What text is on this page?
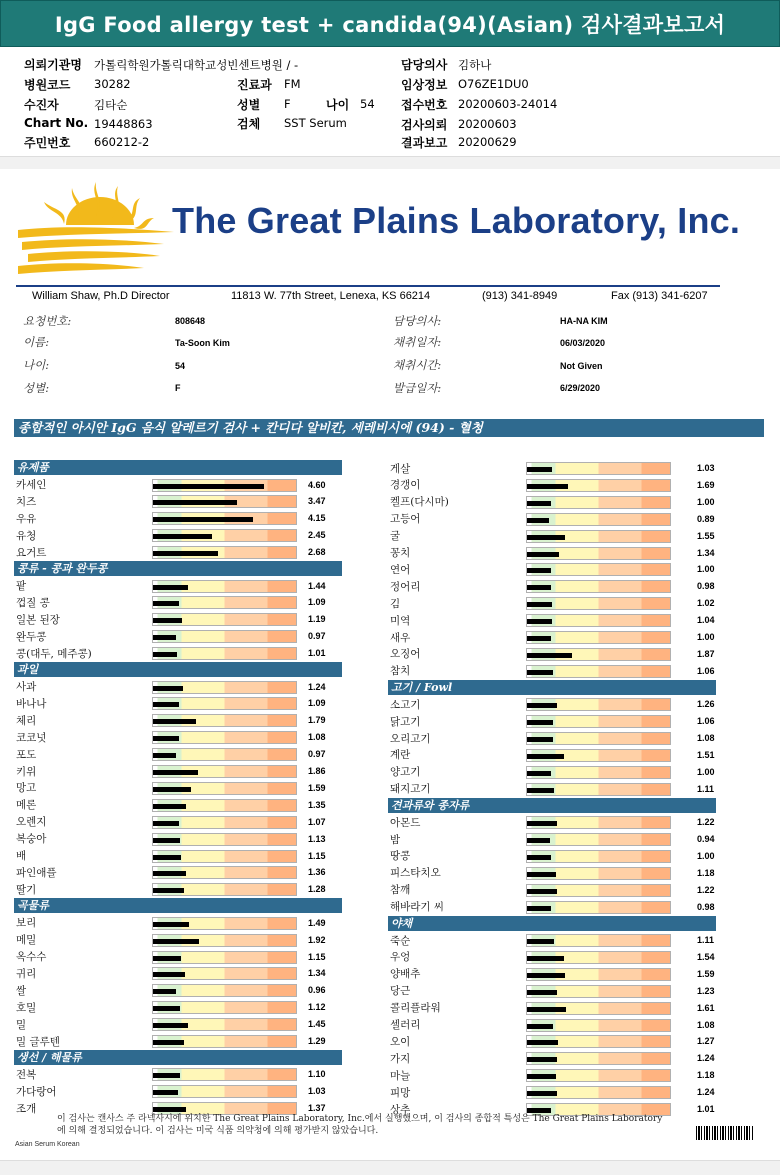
IgG Food allergy test + candida(94)(Asian) 검사결과보고서
의뢰기관명 가톨릭학원가톨릭대학교성빈센트병원 / -
병원코드 30282
수진자	김타순
Chart No. 19448863
주민번호 660212-2
진료과 FM
성별 F	나이 54
검체 SST Serum
담당의사 김하나
임상정보 O76ZE1DU0
접수번호 20200603-24014
검사의뢰 20200603
결과보고 20200629
The Great Plains Laboratory, Inc.
William Shaw, Ph.D Director	11813 W. 77th Street, Lenexa, KS 66214	(913) 341-8949	Fax (913) 341-6207
요청번호:	808648
이름:	Ta-Soon Kim
나이:	54
성별:	F
담당의사:	HA-NA KIM
채취일자:	06/03/2020
채취시간:	Not Given
발급일자:	6/29/2020
종합적인 아시안 IgG 음식 알레르기 검사 + 칸디다 알비칸, 세레비시에 (94) - 혈청
유제품
카세인	4.60
치즈	3.47
우유	4.15
유청	2.45
요거트	2.68
콩류 - 콩과 완두콩
팥	1.44
껍질 콩	1.09
일본 된장	1.19
완두콩	0.97
콩(대두, 메주콩)	1.01
과일
사과	1.24
바나나	1.09
체리	1.79
코코넛	1.08
포도	0.97
키위	1.86
망고	1.59
메론	1.35
오렌지	1.07
복숭아	1.13
배	1.15
파인애플	1.36
딸기	1.28
곡물류
보리	1.49
메밀	1.92
옥수수	1.15
귀리	1.34
쌀	0.96
호밀	1.12
밀	1.45
밀 글루텐	1.29
생선 / 해물류
전복	1.10
가다랑어	1.03
조개	1.37
게살	1.03
경갱이	1.69
켈프(다시마)	1.00
고등어	0.89
굴	1.55
꽁치	1.34
연어	1.00
정어리	0.98
김	1.02
미역	1.04
새우	1.00
오징어	1.87
참치	1.06
고기 / Fowl
소고기	1.26
닭고기	1.06
오리고기	1.08
계란	1.51
양고기	1.00
돼지고기	1.11
견과류와 종자류
아몬드	1.22
밤	0.94
땅콩	1.00
피스타치오	1.18
참깨	1.22
해바라기 씨	0.98
야채
죽순	1.11
우엉	1.54
양배추	1.59
당근	1.23
콜리플라워	1.61
셀러리	1.08
오이	1.27
가지	1.24
마늘	1.18
피망	1.24
상추	1.01
이 검사는 캔사스 주 라넥사시에 위치한 The Great Plains Laboratory, Inc.에서 실행했으며, 이 검사의 종합적 특성은 The Great Plains Laboratory에 의해 결정되었습니다. 이 검사는 미국 식품 의약청에 의해 평가받지 않았습니다.
Asian Serum Korean
